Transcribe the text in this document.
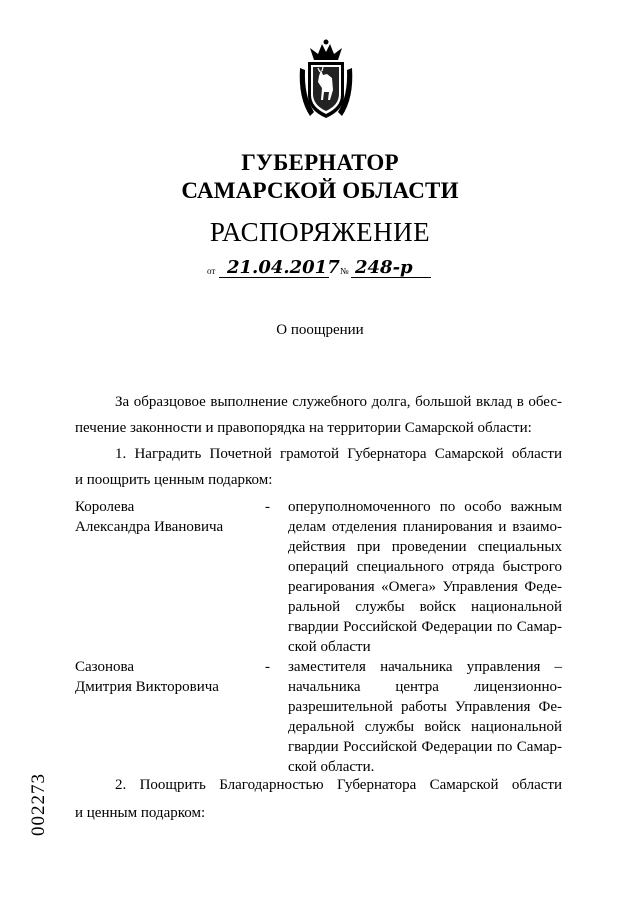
ГУБЕРНАТОР
САМАРСКОЙ ОБЛАСТИ
РАСПОРЯЖЕНИЕ
от 21.04.2017 № 248-р
О поощрении
За образцовое выполнение служебного долга, большой вклад в обес-
печение законности и правопорядка на территории Самарской области:
1. Наградить Почетной грамотой Губернатора Самарской области
и поощрить ценным подарком:
Королева
Александра Ивановича
- оперуполномоченного по особо важным
делам отделения планирования и взаимо-
действия при проведении специальных
операций специального отряда быстрого
реагирования «Омега» Управления Феде-
ральной службы войск национальной
гвардии Российской Федерации по Самар-
ской области
Сазонова
Дмитрия Викторовича
- заместителя начальника управления –
начальника центра лицензионно-
разрешительной работы Управления Фе-
деральной службы войск национальной
гвардии Российской Федерации по Самар-
ской области.
2. Поощрить Благодарностью Губернатора Самарской области
и ценным подарком:
002273
